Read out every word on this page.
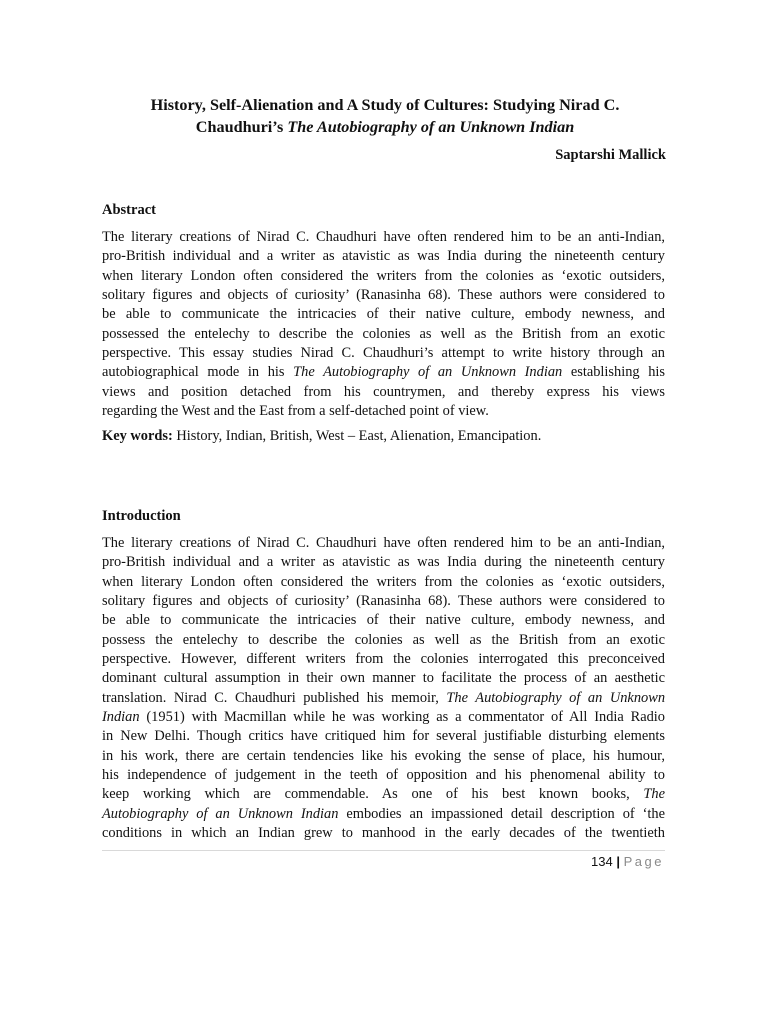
History, Self-Alienation and A Study of Cultures: Studying Nirad C.
Chaudhuri’s The Autobiography of an Unknown Indian
Saptarshi Mallick
Abstract
The literary creations of Nirad C. Chaudhuri have often rendered him to be an anti-Indian,
pro-British individual and a writer as atavistic as was India during the nineteenth century
when literary London often considered the writers from the colonies as ‘exotic outsiders,
solitary figures and objects of curiosity’ (Ranasinha 68). These authors were considered to
be able to communicate the intricacies of their native culture, embody newness, and
possessed the entelechy to describe the colonies as well as the British from an exotic
perspective. This essay studies Nirad C. Chaudhuri’s attempt to write history through an
autobiographical mode in his The Autobiography of an Unknown Indian establishing his
views and position detached from his countrymen, and thereby express his views
regarding the West and the East from a self-detached point of view.
Key words: History, Indian, British, West – East, Alienation, Emancipation.
Introduction
The literary creations of Nirad C. Chaudhuri have often rendered him to be an anti-Indian,
pro-British individual and a writer as atavistic as was India during the nineteenth century
when literary London often considered the writers from the colonies as ‘exotic outsiders,
solitary figures and objects of curiosity’ (Ranasinha 68). These authors were considered to
be able to communicate the intricacies of their native culture, embody newness, and
possess the entelechy to describe the colonies as well as the British from an exotic
perspective. However, different writers from the colonies interrogated this preconceived
dominant cultural assumption in their own manner to facilitate the process of an aesthetic
translation. Nirad C. Chaudhuri published his memoir, The Autobiography of an Unknown
Indian (1951) with Macmillan while he was working as a commentator of All India Radio
in New Delhi. Though critics have critiqued him for several justifiable disturbing elements
in his work, there are certain tendencies like his evoking the sense of place, his humour,
his independence of judgement in the teeth of opposition and his phenomenal ability to
keep working which are commendable. As one of his best known books, The
Autobiography of an Unknown Indian embodies an impassioned detail description of ‘the
conditions in which an Indian grew to manhood in the early decades of the twentieth
134 | Page
